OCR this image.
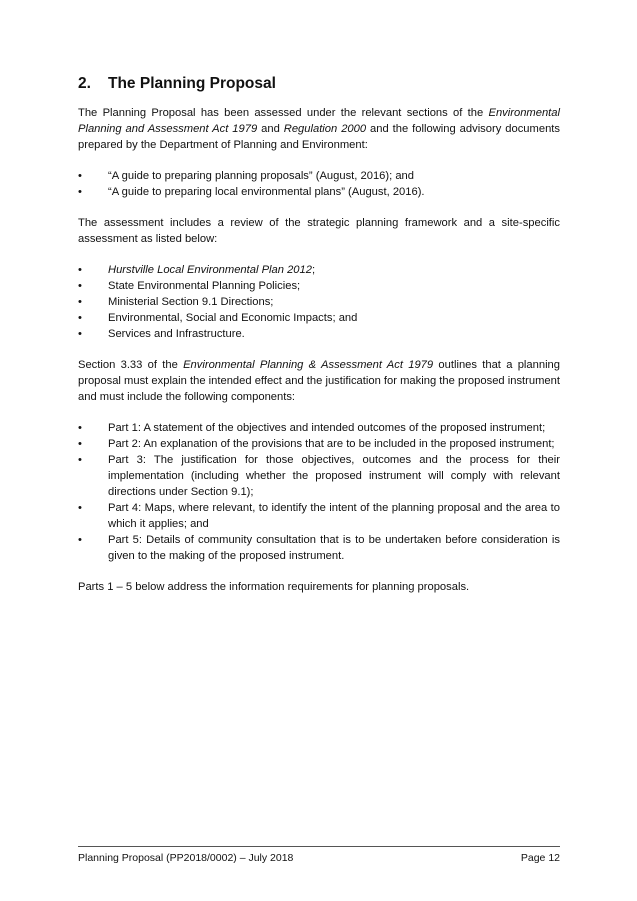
2.	The Planning Proposal

The Planning Proposal has been assessed under the relevant sections of the Environmental Planning and Assessment Act 1979 and Regulation 2000 and the following advisory documents prepared by the Department of Planning and Environment:

•	“A guide to preparing planning proposals” (August, 2016); and
•	“A guide to preparing local environmental plans” (August, 2016).

The assessment includes a review of the strategic planning framework and a site-specific assessment as listed below:

•	Hurstville Local Environmental Plan 2012;
•	State Environmental Planning Policies;
•	Ministerial Section 9.1 Directions;
•	Environmental, Social and Economic Impacts; and
•	Services and Infrastructure.

Section 3.33 of the Environmental Planning & Assessment Act 1979 outlines that a planning proposal must explain the intended effect and the justification for making the proposed instrument and must include the following components:

•	Part 1: A statement of the objectives and intended outcomes of the proposed instrument;
•	Part 2: An explanation of the provisions that are to be included in the proposed instrument;
•	Part 3: The justification for those objectives, outcomes and the process for their implementation (including whether the proposed instrument will comply with relevant directions under Section 9.1);
•	Part 4: Maps, where relevant, to identify the intent of the planning proposal and the area to which it applies; and
•	Part 5: Details of community consultation that is to be undertaken before consideration is given to the making of the proposed instrument.

Parts 1 – 5 below address the information requirements for planning proposals.

Planning Proposal (PP2018/0002) – July 2018	Page 12
